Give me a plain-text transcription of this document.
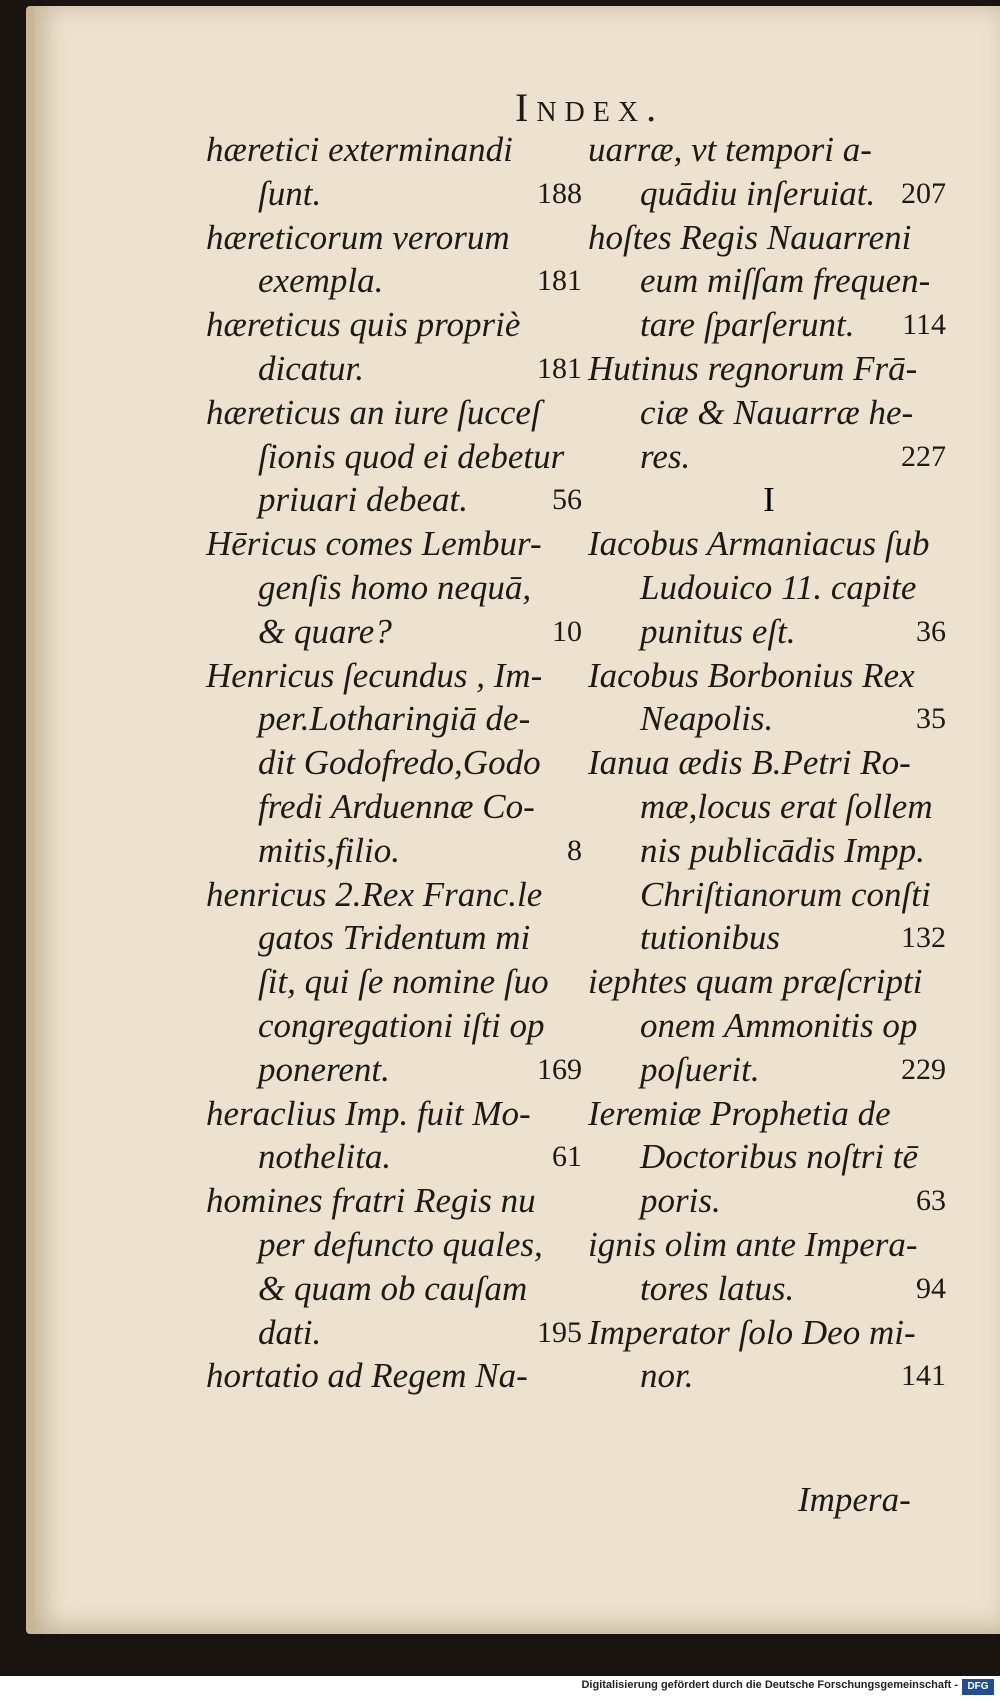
Index.
hæretici exterminandi
ſunt.	188
hæreticorum verorum
exempla.	181
hæreticus quis propriè
dicatur.	181
hæreticus an iure ſucceſ
ſionis quod ei debetur
priuari debeat.	56
Hēricus comes Lembur-
genſis homo nequā,
& quare?	10
Henricus ſecundus , Im-
per.Lotharingiā de-
dit Godofredo,Godo
fredi Arduennæ Co-
mitis,filio.	8
henricus 2.Rex Franc.le
gatos Tridentum mi
ſit, qui ſe nomine ſuo
congregationi iſti op
ponerent.	169
heraclius Imp. fuit Mo-
nothelita.	61
homines fratri Regis nu
per defuncto quales,
& quam ob cauſam
dati.	195
hortatio ad Regem Na-
uarræ, vt tempori a-
quādiu inſeruiat. 207
hoſtes Regis Nauarreni
eum miſſam frequen-
tare ſparſerunt.	114
Hutinus regnorum Frā-
ciæ & Nauarræ he-
res.	227
I
Iacobus Armaniacus ſub
Ludouico 11. capite
punitus eſt.	36
Iacobus Borbonius Rex
Neapolis.	35
Ianua ædis B.Petri Ro-
mæ,locus erat ſollem
nis publicādis Impp.
Chriſtianorum conſti
tutionibus	132
iephtes quam præſcripti
onem Ammonitis op
poſuerit.	229
Ieremiæ Prophetia de
Doctoribus noſtri tē
poris.	63
ignis olim ante Impera-
tores latus.	94
Imperator ſolo Deo mi-
nor.	141
Impera-
Digitalisierung gefördert durch die Deutsche Forschungsgemeinschaft - DFG
